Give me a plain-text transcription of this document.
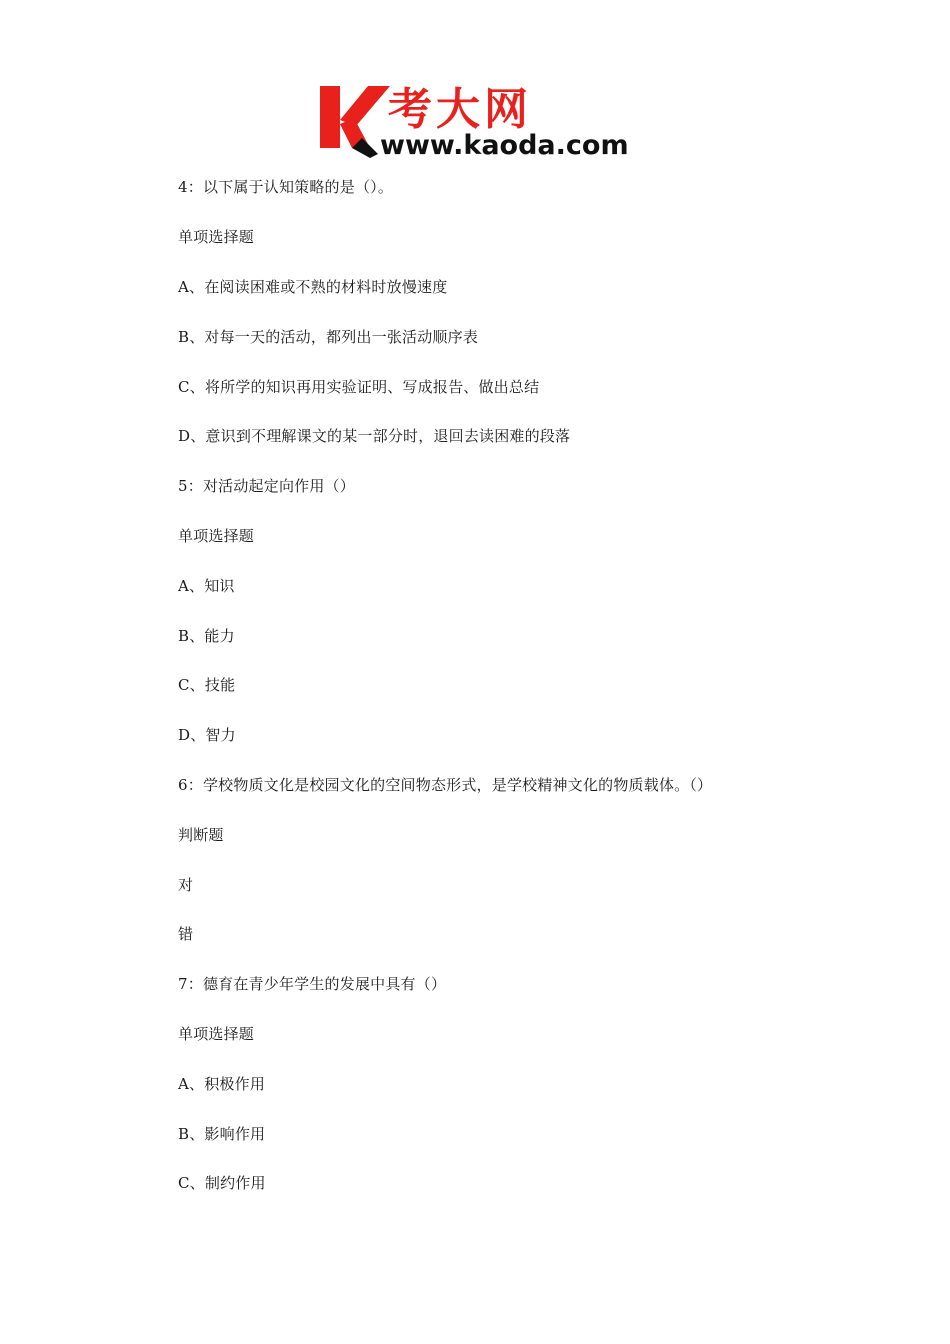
考大网
www.kaoda.com
4：以下属于认知策略的是（）。
单项选择题
A、在阅读困难或不熟的材料时放慢速度
B、对每一天的活动，都列出一张活动顺序表
C、将所学的知识再用实验证明、写成报告、做出总结
D、意识到不理解课文的某一部分时，退回去读困难的段落
5：对活动起定向作用（）
单项选择题
A、知识
B、能力
C、技能
D、智力
6：学校物质文化是校园文化的空间物态形式，是学校精神文化的物质载体。（）
判断题
对
错
7：德育在青少年学生的发展中具有（）
单项选择题
A、积极作用
B、影响作用
C、制约作用
